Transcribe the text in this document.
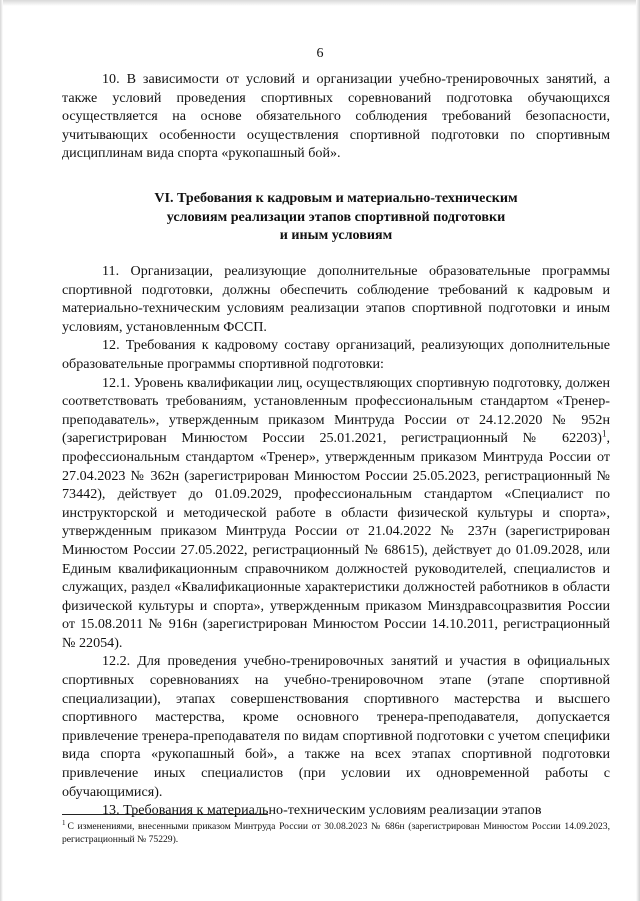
6

10. В зависимости от условий и организации учебно-тренировочных занятий, а также условий проведения спортивных соревнований подготовка обучающихся осуществляется на основе обязательного соблюдения требований безопасности, учитывающих особенности осуществления спортивной подготовки по спортивным дисциплинам вида спорта «рукопашный бой».

VI. Требования к кадровым и материально-техническим
условиям реализации этапов спортивной подготовки
и иным условиям

11. Организации, реализующие дополнительные образовательные программы спортивной подготовки, должны обеспечить соблюдение требований к кадровым и материально-техническим условиям реализации этапов спортивной подготовки и иным условиям, установленным ФССП.

12. Требования к кадровому составу организаций, реализующих дополнительные образовательные программы спортивной подготовки:

12.1. Уровень квалификации лиц, осуществляющих спортивную подготовку, должен соответствовать требованиям, установленным профессиональным стандартом «Тренер-преподаватель», утвержденным приказом Минтруда России от 24.12.2020 № 952н (зарегистрирован Минюстом России 25.01.2021, регистрационный № 62203)$^1$, профессиональным стандартом «Тренер», утвержденным приказом Минтруда России от 27.04.2023 № 362н (зарегистрирован Минюстом России 25.05.2023, регистрационный № 73442), действует до 01.09.2029, профессиональным стандартом «Специалист по инструкторской и методической работе в области физической культуры и спорта», утвержденным приказом Минтруда России от 21.04.2022 № 237н (зарегистрирован Минюстом России 27.05.2022, регистрационный № 68615), действует до 01.09.2028, или Единым квалификационным справочником должностей руководителей, специалистов и служащих, раздел «Квалификационные характеристики должностей работников в области физической культуры и спорта», утвержденным приказом Минздравсоцразвития России от 15.08.2011 № 916н (зарегистрирован Минюстом России 14.10.2011, регистрационный № 22054).

12.2. Для проведения учебно-тренировочных занятий и участия в официальных спортивных соревнованиях на учебно-тренировочном этапе (этапе спортивной специализации), этапах совершенствования спортивного мастерства и высшего спортивного мастерства, кроме основного тренера-преподавателя, допускается привлечение тренера-преподавателя по видам спортивной подготовки с учетом специфики вида спорта «рукопашный бой», а также на всех этапах спортивной подготовки привлечение иных специалистов (при условии их одновременной работы с обучающимися).

13. Требования к материально-техническим условиям реализации этапов

$^1$ С изменениями, внесенными приказом Минтруда России от 30.08.2023 № 686н (зарегистрирован Минюстом России 14.09.2023, регистрационный № 75229).
